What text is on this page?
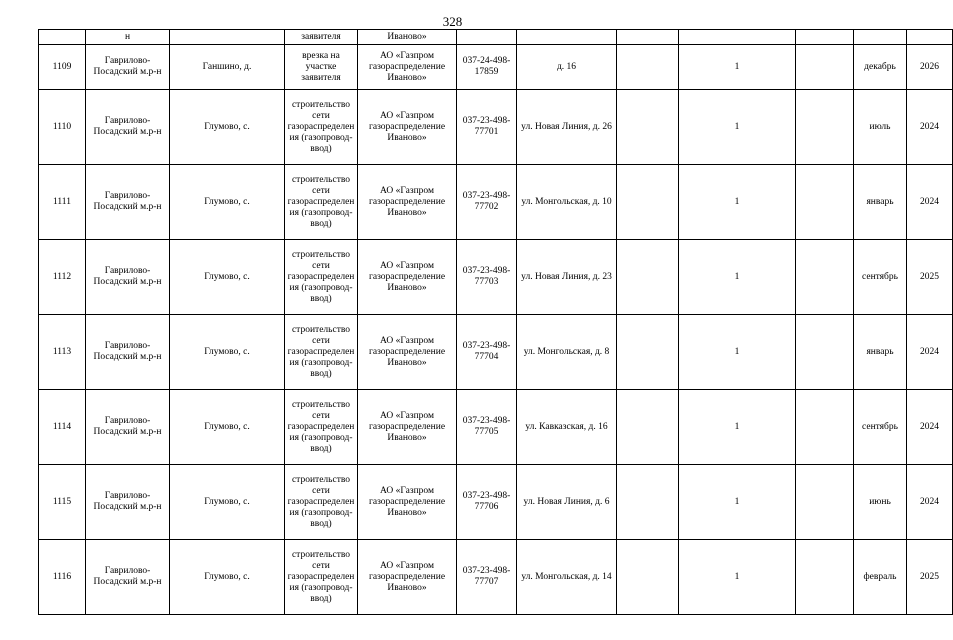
328
	н		заявителя	Иваново»							
1109	Гаврилово-Посадский м.р-н	Ганшино, д.	врезка на участке заявителя	АО «Газпром газораспределение Иваново»	037-24-498-17859	д. 16		1		декабрь	2026
1110	Гаврилово-Посадский м.р-н	Глумово, с.	строительство сети газораспределения (газопровод-ввод)	АО «Газпром газораспределение Иваново»	037-23-498-77701	ул. Новая Линия, д. 26		1		июль	2024
1111	Гаврилово-Посадский м.р-н	Глумово, с.	строительство сети газораспределения (газопровод-ввод)	АО «Газпром газораспределение Иваново»	037-23-498-77702	ул. Монгольская, д. 10		1		январь	2024
1112	Гаврилово-Посадский м.р-н	Глумово, с.	строительство сети газораспределения (газопровод-ввод)	АО «Газпром газораспределение Иваново»	037-23-498-77703	ул. Новая Линия, д. 23		1		сентябрь	2025
1113	Гаврилово-Посадский м.р-н	Глумово, с.	строительство сети газораспределения (газопровод-ввод)	АО «Газпром газораспределение Иваново»	037-23-498-77704	ул. Монгольская, д. 8		1		январь	2024
1114	Гаврилово-Посадский м.р-н	Глумово, с.	строительство сети газораспределения (газопровод-ввод)	АО «Газпром газораспределение Иваново»	037-23-498-77705	ул. Кавказская, д. 16		1		сентябрь	2024
1115	Гаврилово-Посадский м.р-н	Глумово, с.	строительство сети газораспределения (газопровод-ввод)	АО «Газпром газораспределение Иваново»	037-23-498-77706	ул. Новая Линия, д. 6		1		июнь	2024
1116	Гаврилово-Посадский м.р-н	Глумово, с.	строительство сети газораспределения (газопровод-ввод)	АО «Газпром газораспределение Иваново»	037-23-498-77707	ул. Монгольская, д. 14		1		февраль	2025
